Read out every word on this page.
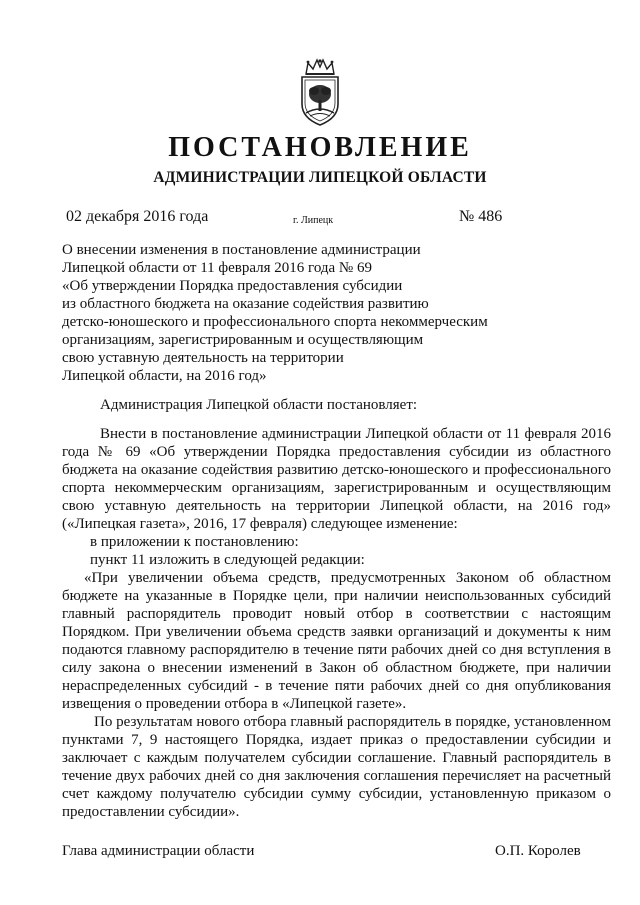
ПОСТАНОВЛЕНИЕ
АДМИНИСТРАЦИИ ЛИПЕЦКОЙ ОБЛАСТИ
02 декабря 2016 года	г. Липецк	№ 486
О внесении изменения в постановление администрации
Липецкой области от 11 февраля 2016 года № 69
«Об утверждении Порядка предоставления субсидии
из областного бюджета на оказание содействия развитию
детско-юношеского и профессионального спорта некоммерческим
организациям, зарегистрированным и осуществляющим
свою уставную деятельность на территории
Липецкой области, на 2016 год»
Администрация Липецкой области постановляет:

Внести в постановление администрации Липецкой области от 11 февраля 2016 года № 69 «Об утверждении Порядка предоставления субсидии из областного бюджета на оказание содействия развитию детско-юношеского и профессионального спорта некоммерческим организациям, зарегистрированным и осуществляющим свою уставную деятельность на территории Липецкой области, на 2016 год» («Липецкая газета», 2016, 17 февраля) следующее изменение:

в приложении к постановлению:

пункт 11 изложить в следующей редакции:

«При увеличении объема средств, предусмотренных Законом об областном бюджете на указанные в Порядке цели, при наличии неиспользованных субсидий главный распорядитель проводит новый отбор в соответствии с настоящим Порядком. При увеличении объема средств заявки организаций и документы к ним подаются главному распорядителю в течение пяти рабочих дней со дня вступления в силу закона о внесении изменений в Закон об областном бюджете, при наличии нераспределенных субсидий - в течение пяти рабочих дней со дня опубликования извещения о проведении отбора в «Липецкой газете».

По результатам нового отбора главный распорядитель в порядке, установленном пунктами 7, 9 настоящего Порядка, издает приказ о предоставлении субсидии и заключает с каждым получателем субсидии соглашение. Главный распорядитель в течение двух рабочих дней со дня заключения соглашения перечисляет на расчетный счет каждому получателю субсидии сумму субсидии, установленную приказом о предоставлении субсидии».

Глава администрации области	О.П. Королев
